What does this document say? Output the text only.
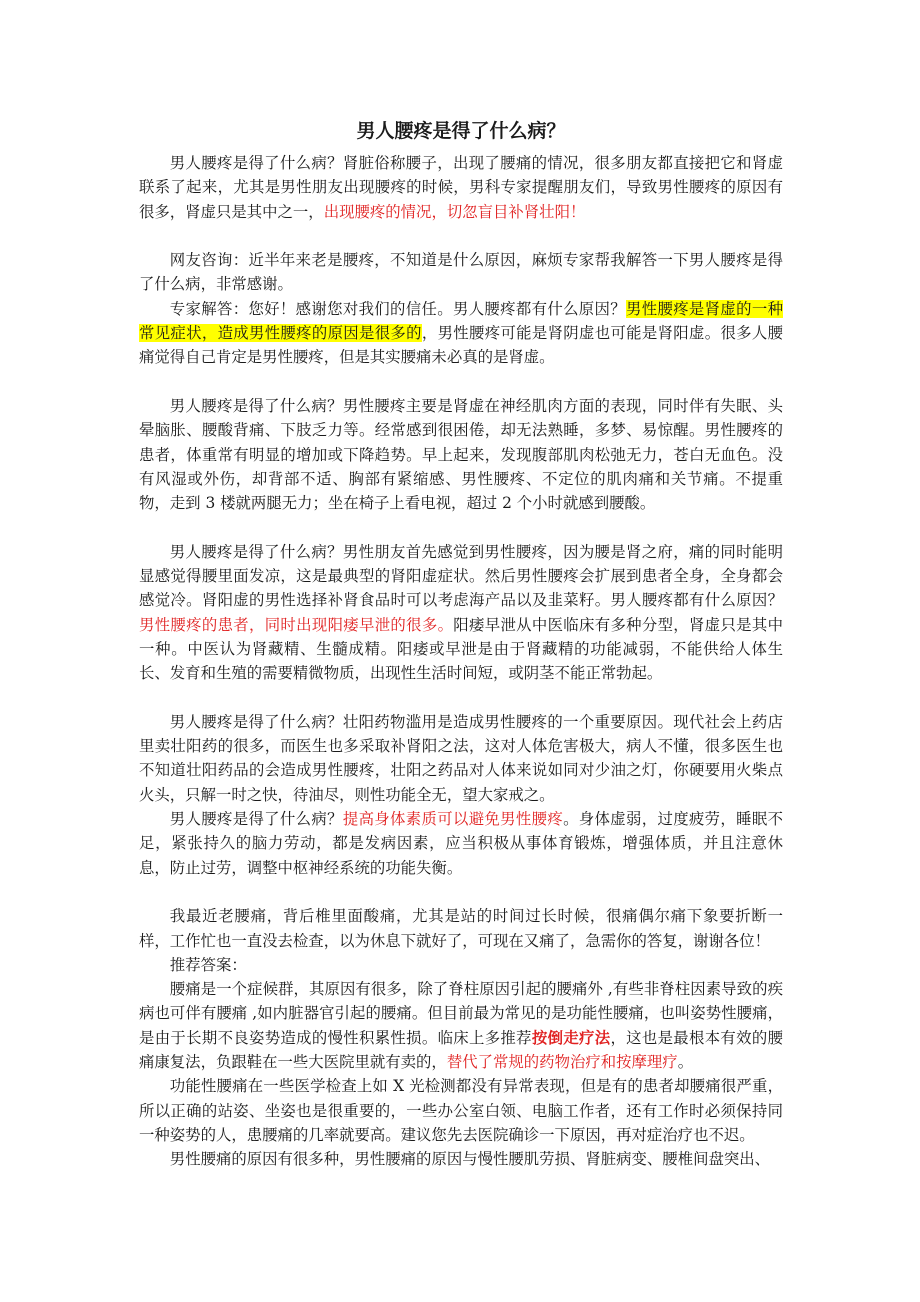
男人腰疼是得了什么病？

男人腰疼是得了什么病？肾脏俗称腰子，出现了腰痛的情况，很多朋友都直接把它和肾虚联系了起来，尤其是男性朋友出现腰疼的时候，男科专家提醒朋友们，导致男性腰疼的原因有很多，肾虚只是其中之一，出现腰疼的情况，切忽盲目补肾壮阳！

网友咨询：近半年来老是腰疼，不知道是什么原因，麻烦专家帮我解答一下男人腰疼是得了什么病，非常感谢。

专家解答：您好！感谢您对我们的信任。男人腰疼都有什么原因？男性腰疼是肾虚的一种常见症状，造成男性腰疼的原因是很多的，男性腰疼可能是肾阴虚也可能是肾阳虚。很多人腰痛觉得自己肯定是男性腰疼，但是其实腰痛未必真的是肾虚。

男人腰疼是得了什么病？男性腰疼主要是肾虚在神经肌肉方面的表现，同时伴有失眠、头晕脑胀、腰酸背痛、下肢乏力等。经常感到很困倦，却无法熟睡，多梦、易惊醒。男性腰疼的患者，体重常有明显的增加或下降趋势。早上起来，发现腹部肌肉松弛无力，苍白无血色。没有风湿或外伤，却背部不适、胸部有紧缩感、男性腰疼、不定位的肌肉痛和关节痛。不提重物，走到 3 楼就两腿无力；坐在椅子上看电视，超过 2 个小时就感到腰酸。

男人腰疼是得了什么病？男性朋友首先感觉到男性腰疼，因为腰是肾之府，痛的同时能明显感觉得腰里面发凉，这是最典型的肾阳虚症状。然后男性腰疼会扩展到患者全身，全身都会感觉冷。肾阳虚的男性选择补肾食品时可以考虑海产品以及韭菜籽。男人腰疼都有什么原因？男性腰疼的患者，同时出现阳痿早泄的很多。阳痿早泄从中医临床有多种分型，肾虚只是其中一种。中医认为肾藏精、生髓成精。阳痿或早泄是由于肾藏精的功能减弱，不能供给人体生长、发育和生殖的需要精微物质，出现性生活时间短，或阴茎不能正常勃起。

男人腰疼是得了什么病？壮阳药物滥用是造成男性腰疼的一个重要原因。现代社会上药店里卖壮阳药的很多，而医生也多采取补肾阳之法，这对人体危害极大，病人不懂，很多医生也不知道壮阳药品的会造成男性腰疼，壮阳之药品对人体来说如同对少油之灯，你硬要用火柴点火头，只解一时之快，待油尽，则性功能全无，望大家戒之。

男人腰疼是得了什么病？提高身体素质可以避免男性腰疼。身体虚弱，过度疲劳，睡眠不足，紧张持久的脑力劳动，都是发病因素，应当积极从事体育锻炼，增强体质，并且注意休息，防止过劳，调整中枢神经系统的功能失衡。

我最近老腰痛，背后椎里面酸痛，尤其是站的时间过长时候，很痛偶尔痛下象要折断一样，工作忙也一直没去检查，以为休息下就好了，可现在又痛了，急需你的答复，谢谢各位！

推荐答案：

腰痛是一个症候群，其原因有很多，除了脊柱原因引起的腰痛外 ,有些非脊柱因素导致的疾病也可伴有腰痛 ,如内脏器官引起的腰痛。但目前最为常见的是功能性腰痛，也叫姿势性腰痛，是由于长期不良姿势造成的慢性积累性损。临床上多推荐按倒走疗法，这也是最根本有效的腰痛康复法，负跟鞋在一些大医院里就有卖的，替代了常规的药物治疗和按摩理疗。

功能性腰痛在一些医学检查上如 X 光检测都没有异常表现，但是有的患者却腰痛很严重，所以正确的站姿、坐姿也是很重要的，一些办公室白领、电脑工作者，还有工作时必须保持同一种姿势的人，患腰痛的几率就要高。建议您先去医院确诊一下原因，再对症治疗也不迟。

男性腰痛的原因有很多种，男性腰痛的原因与慢性腰肌劳损、肾脏病变、腰椎间盘突出、
